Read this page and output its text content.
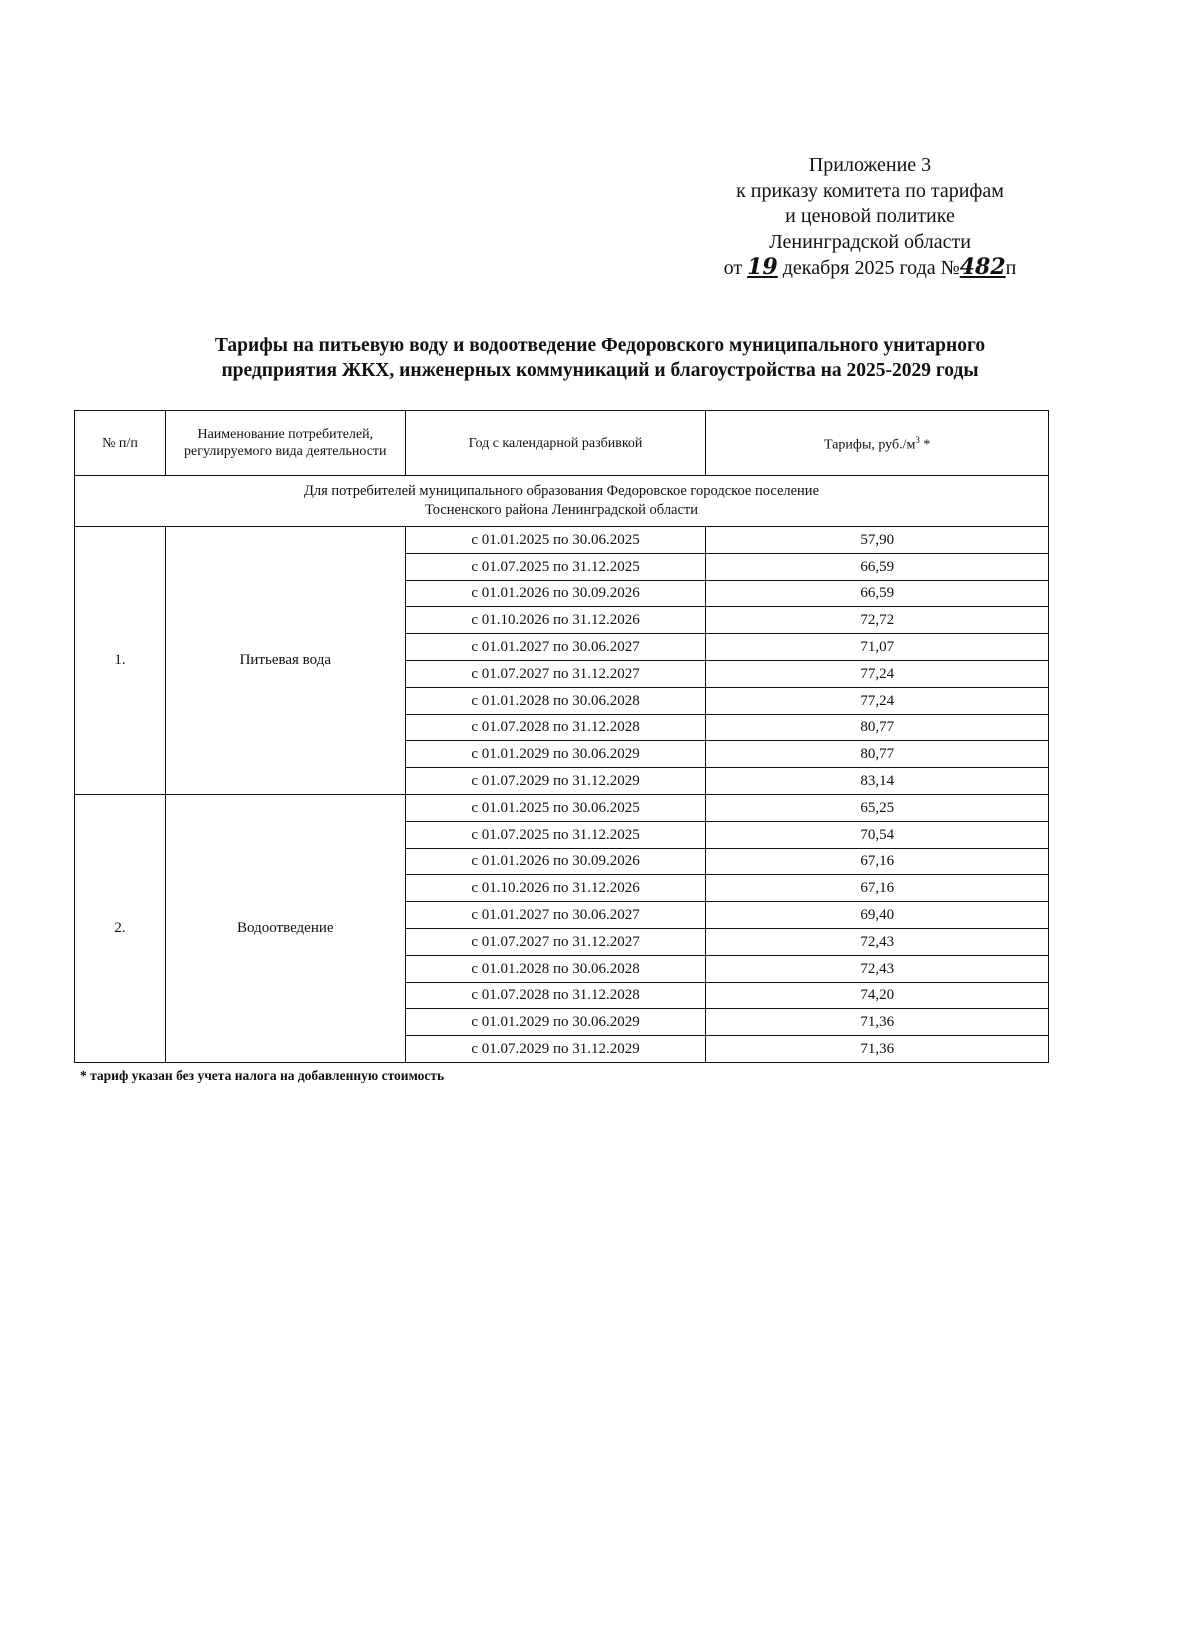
Приложение 3
к приказу комитета по тарифам
и ценовой политике
Ленинградской области
от 19 декабря 2025 года №482п
Тарифы на питьевую воду и водоотведение Федоровского муниципального унитарного
предприятия ЖКХ, инженерных коммуникаций и благоустройства на 2025-2029 годы
№ п/п	Наименование потребителей, регулируемого вида деятельности	Год с календарной разбивкой	Тарифы, $руб./м^3$ *

Для потребителей муниципального образования Федоровское городское поселение
Тосненского района Ленинградской области			

1.	Питьевая вода	с 01.01.2025 по 30.06.2025	57,90
		с 01.07.2025 по 31.12.2025	66,59
		с 01.01.2026 по 30.09.2026	66,59
		с 01.10.2026 по 31.12.2026	72,72
		с 01.01.2027 по 30.06.2027	71,07
		с 01.07.2027 по 31.12.2027	77,24
		с 01.01.2028 по 30.06.2028	77,24
		с 01.07.2028 по 31.12.2028	80,77
		с 01.01.2029 по 30.06.2029	80,77
		с 01.07.2029 по 31.12.2029	83,14
2.	Водоотведение	с 01.01.2025 по 30.06.2025	65,25
		с 01.07.2025 по 31.12.2025	70,54
		с 01.01.2026 по 30.09.2026	67,16
		с 01.10.2026 по 31.12.2026	67,16
		с 01.01.2027 по 30.06.2027	69,40
		с 01.07.2027 по 31.12.2027	72,43
		с 01.01.2028 по 30.06.2028	72,43
		с 01.07.2028 по 31.12.2028	74,20
		с 01.01.2029 по 30.06.2029	71,36
		с 01.07.2029 по 31.12.2029	71,36
* тариф указан без учета налога на добавленную стоимость
